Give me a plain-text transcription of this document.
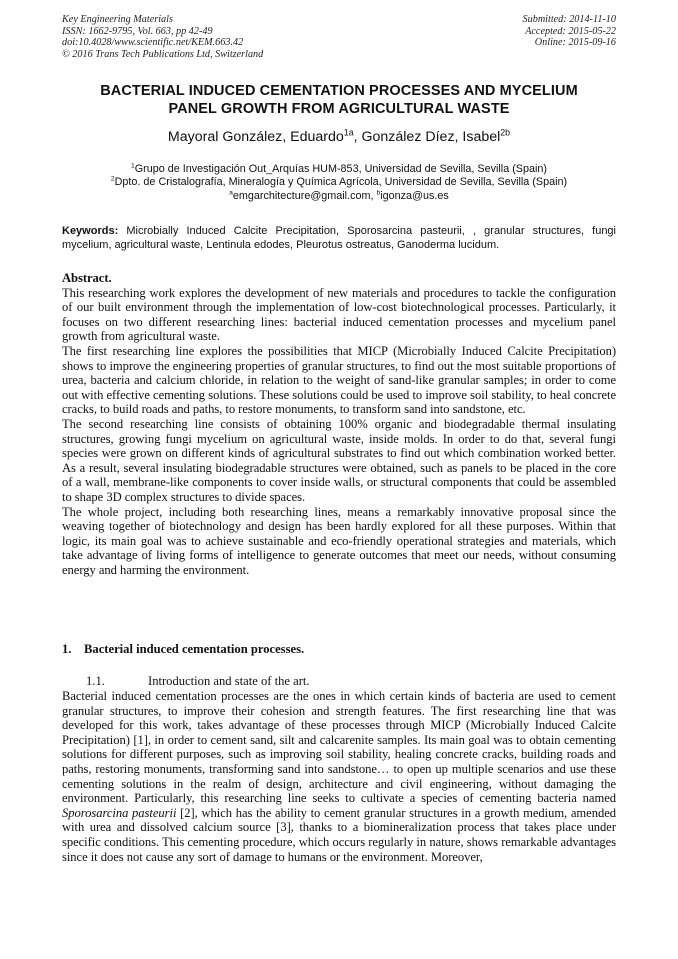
Key Engineering Materials
ISSN: 1662-9795, Vol. 663, pp 42-49
doi:10.4028/www.scientific.net/KEM.663.42
© 2016 Trans Tech Publications Ltd, Switzerland
Submitted: 2014-11-10
Accepted: 2015-05-22
Online: 2015-09-16
BACTERIAL INDUCED CEMENTATION PROCESSES AND MYCELIUM
PANEL GROWTH FROM AGRICULTURAL WASTE
Mayoral González, Eduardo$^{1a}$, González Díez, Isabel$^{2b}$
$^1$Grupo de Investigación Out_Arquías HUM-853, Universidad de Sevilla, Sevilla (Spain)
$^2$Dpto. de Cristalografía, Mineralogía y Química Agrícola, Universidad de Sevilla, Sevilla (Spain)
$^a$emgarchitecture@gmail.com, $^b$igonza@us.es
Keywords: Microbially Induced Calcite Precipitation, Sporosarcina pasteurii, , granular structures, fungi mycelium, agricultural waste, Lentinula edodes, Pleurotus ostreatus, Ganoderma lucidum.

Abstract.

This researching work explores the development of new materials and procedures to tackle the configuration of our built environment through the implementation of low-cost biotechnological processes. Particularly, it focuses on two different researching lines: bacterial induced cementation processes and mycelium panel growth from agricultural waste.

The first researching line explores the possibilities that MICP (Microbially Induced Calcite Precipitation) shows to improve the engineering properties of granular structures, to find out the most suitable proportions of urea, bacteria and calcium chloride, in relation to the weight of sand-like granular samples; in order to come out with effective cementing solutions. These solutions could be used to improve soil stability, to heal concrete cracks, to build roads and paths, to restore monuments, to transform sand into sandstone, etc.

The second researching line consists of obtaining 100% organic and biodegradable thermal insulating structures, growing fungi mycelium on agricultural waste, inside molds. In order to do that, several fungi species were grown on different kinds of agricultural substrates to find out which combination worked better. As a result, several insulating biodegradable structures were obtained, such as panels to be placed in the core of a wall, membrane-like components to cover inside walls, or structural components that could be assembled to shape 3D complex structures to divide spaces.

The whole project, including both researching lines, means a remarkably innovative proposal since the weaving together of biotechnology and design has been hardly explored for all these purposes. Within that logic, its main goal was to achieve sustainable and eco-friendly operational strategies and materials, which take advantage of living forms of intelligence to generate outcomes that meet our needs, without consuming energy and harming the environment.

1. Bacterial induced cementation processes.
1.1.	Introduction and state of the art.

Bacterial induced cementation processes are the ones in which certain kinds of bacteria are used to cement granular structures, to improve their cohesion and strength features. The first researching line that was developed for this work, takes advantage of these processes through MICP (Microbially Induced Calcite Precipitation) [1], in order to cement sand, silt and calcarenite samples. Its main goal was to obtain cementing solutions for different purposes, such as improving soil stability, healing concrete cracks, building roads and paths, restoring monuments, transforming sand into sandstone… to open up multiple scenarios and use these cementing solutions in the realm of design, architecture and civil engineering, without damaging the environment. Particularly, this researching line seeks to cultivate a species of cementing bacteria named Sporosarcina pasteurii [2], which has the ability to cement granular structures in a growth medium, amended with urea and dissolved calcium source [3], thanks to a biomineralization process that takes place under specific conditions. This cementing procedure, which occurs regularly in nature, shows remarkable advantages since it does not cause any sort of damage to humans or the environment. Moreover,
